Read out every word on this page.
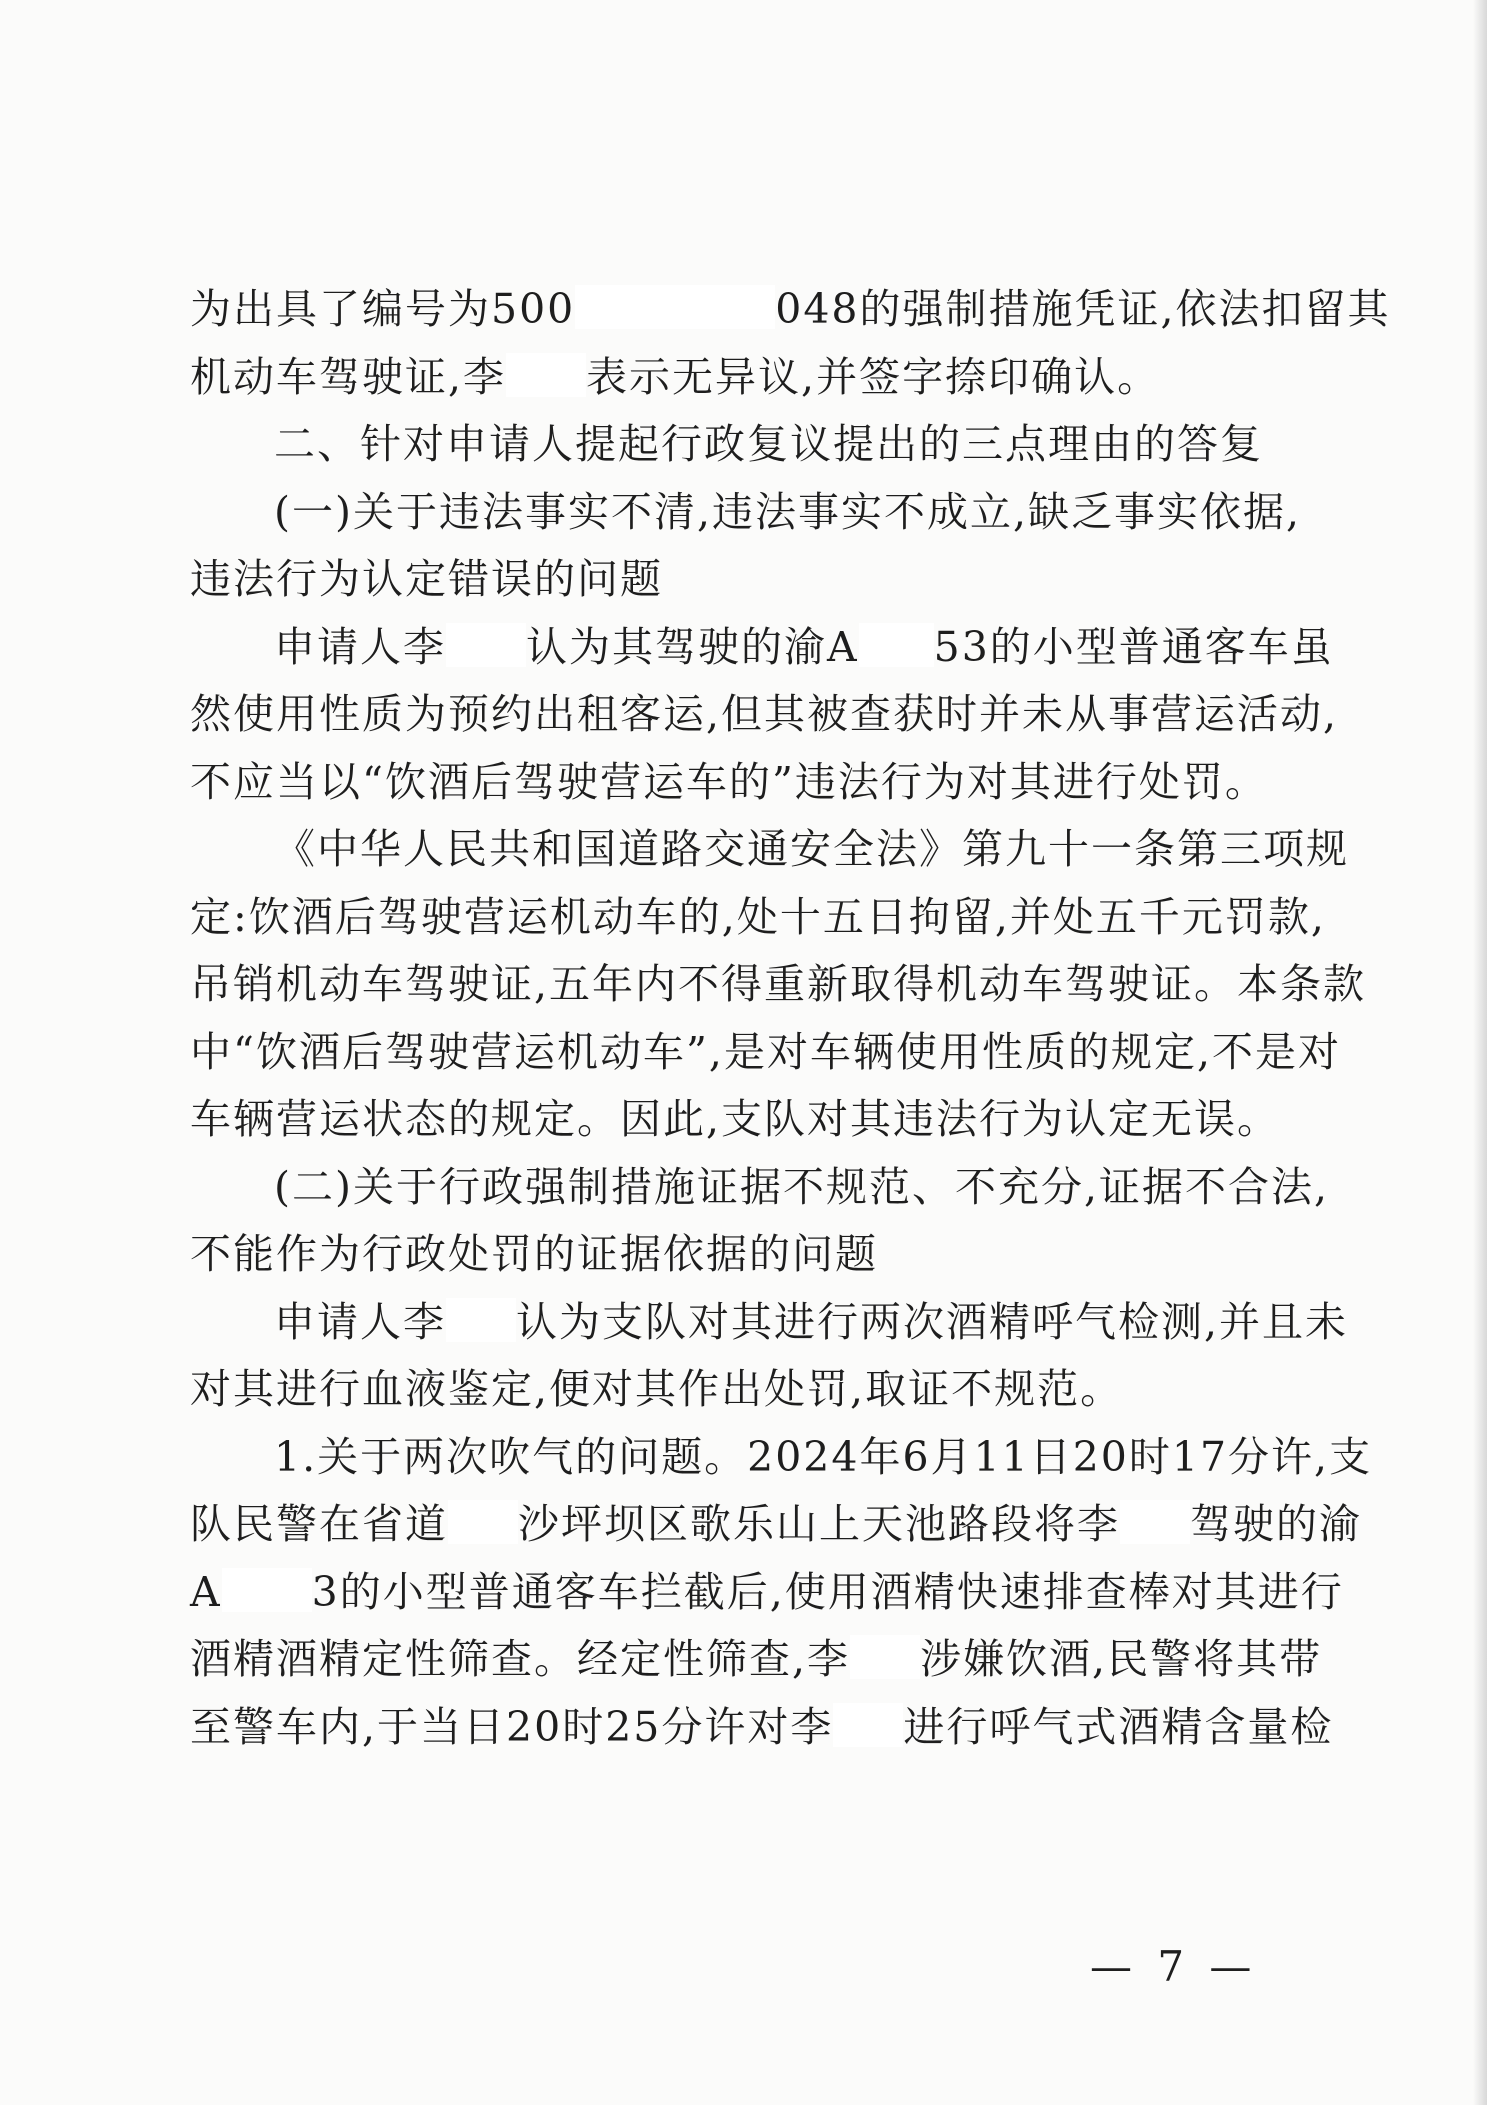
为出具了编号为500	048的强制措施凭证,依法扣留其
机动车驾驶证,李 表示无异议,并签字捺印确认。
二、针对申请人提起行政复议提出的三点理由的答复
(一)关于违法事实不清,违法事实不成立,缺乏事实依据,
违法行为认定错误的问题
申请人李 认为其驾驶的渝A 53的小型普通客车虽
然使用性质为预约出租客运,但其被查获时并未从事营运活动,
不应当以“饮酒后驾驶营运车的”违法行为对其进行处罚。
《中华人民共和国道路交通安全法》第九十一条第三项规
定:饮酒后驾驶营运机动车的,处十五日拘留,并处五千元罚款,
吊销机动车驾驶证,五年内不得重新取得机动车驾驶证。本条款
中“饮酒后驾驶营运机动车”,是对车辆使用性质的规定,不是对
车辆营运状态的规定。因此,支队对其违法行为认定无误。
(二)关于行政强制措施证据不规范、不充分,证据不合法,
不能作为行政处罚的证据依据的问题
申请人李 认为支队对其进行两次酒精呼气检测,并且未
对其进行血液鉴定,便对其作出处罚,取证不规范。
1.关于两次吹气的问题。2024年6月11日20时17分许,支
队民警在省道 沙坪坝区歌乐山上天池路段将李 驾驶的渝
A 3的小型普通客车拦截后,使用酒精快速排查棒对其进行
酒精酒精定性筛查。经定性筛查,李 涉嫌饮酒,民警将其带
至警车内,于当日20时25分许对李 进行呼气式酒精含量检
— 7 —
